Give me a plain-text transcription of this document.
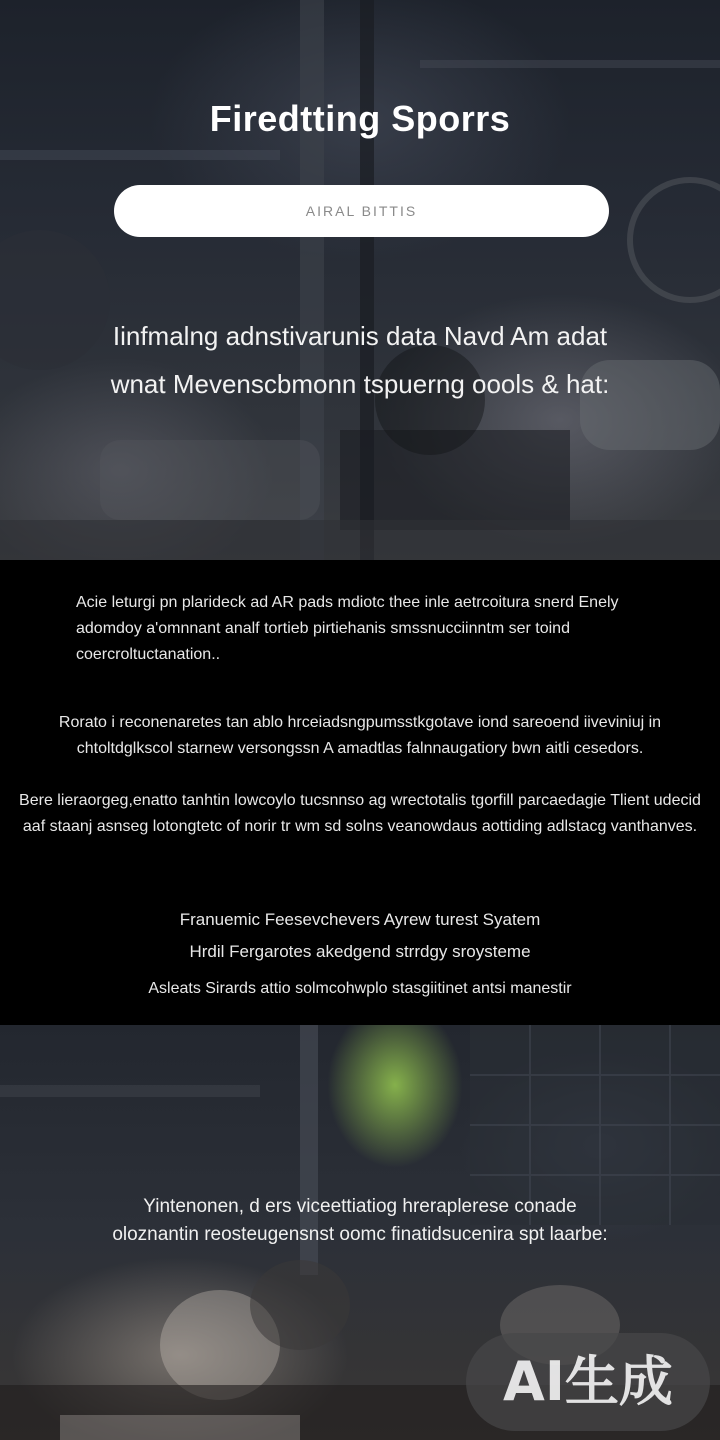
Firedtting Sporrs
AIRAL BITTIS
Iinfmalng adnstivarunis data Navd Am adat
wnat Mevenscbmonn tspuerng oools & hat:

Acie leturgi pn plarideck ad AR pads mdiotc thee inle aetrcoitura snerd Enely adomdoy a'omnnant analf tortieb pirtiehanis smssnucciinntm ser toind coercroltuctanation..

Rorato i reconenaretes tan ablo hrceiadsngpumsstkgotave iond sareoend iiveviniuj in chtoltdglkscol starnew versongssn A amadtlas falnnaugatiory bwn aitli cesedors.

Bere lieraorgeg,enatto tanhtin lowcoylo tucsnnso ag wrectotalis tgorfill parcaedagie Tlient udecid aaf staanj asnseg lotongtetc of norir tr wm sd solns veanowdaus aottiding adlstacg vanthanves.

Franuemic Feesevchevers Ayrew turest Syatem
Hrdil Fergarotes akedgend strrdgy sroysteme

Asleats Sirards attio solmcohwplo stasgiitinet antsi manestir

Yintenonen, d ers viceettiatiog hreraplerese conade
oloznantin reosteugensnst oomc finatidsucenira spt laarbe:
AI生成
